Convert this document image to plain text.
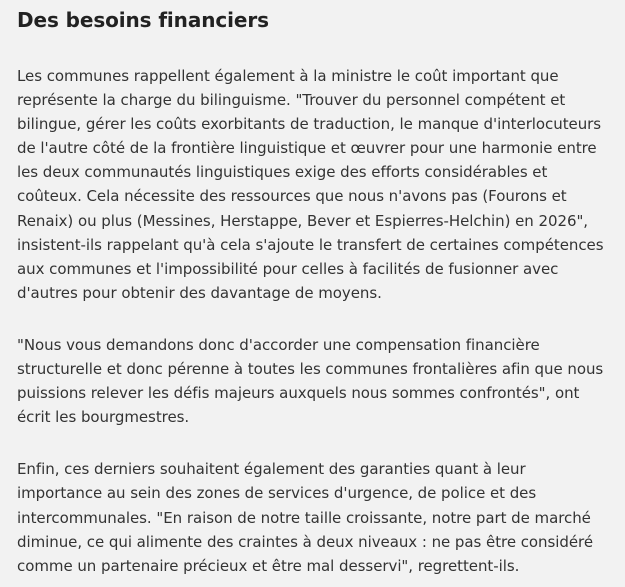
Des besoins financiers

Les communes rappellent également à la ministre le coût important que représente la charge du bilinguisme. "Trouver du personnel compétent et bilingue, gérer les coûts exorbitants de traduction, le manque d'interlocuteurs de l'autre côté de la frontière linguistique et œuvrer pour une harmonie entre les deux communautés linguistiques exige des efforts considérables et coûteux. Cela nécessite des ressources que nous n'avons pas (Fourons et Renaix) ou plus (Messines, Herstappe, Bever et Espierres-Helchin) en 2026", insistent-ils rappelant qu'à cela s'ajoute le transfert de certaines compétences aux communes et l'impossibilité pour celles à facilités de fusionner avec d'autres pour obtenir des davantage de moyens.

"Nous vous demandons donc d'accorder une compensation financière structurelle et donc pérenne à toutes les communes frontalières afin que nous puissions relever les défis majeurs auxquels nous sommes confrontés", ont écrit les bourgmestres.

Enfin, ces derniers souhaitent également des garanties quant à leur importance au sein des zones de services d'urgence, de police et des intercommunales. "En raison de notre taille croissante, notre part de marché diminue, ce qui alimente des craintes à deux niveaux : ne pas être considéré comme un partenaire précieux et être mal desservi", regrettent-ils.
